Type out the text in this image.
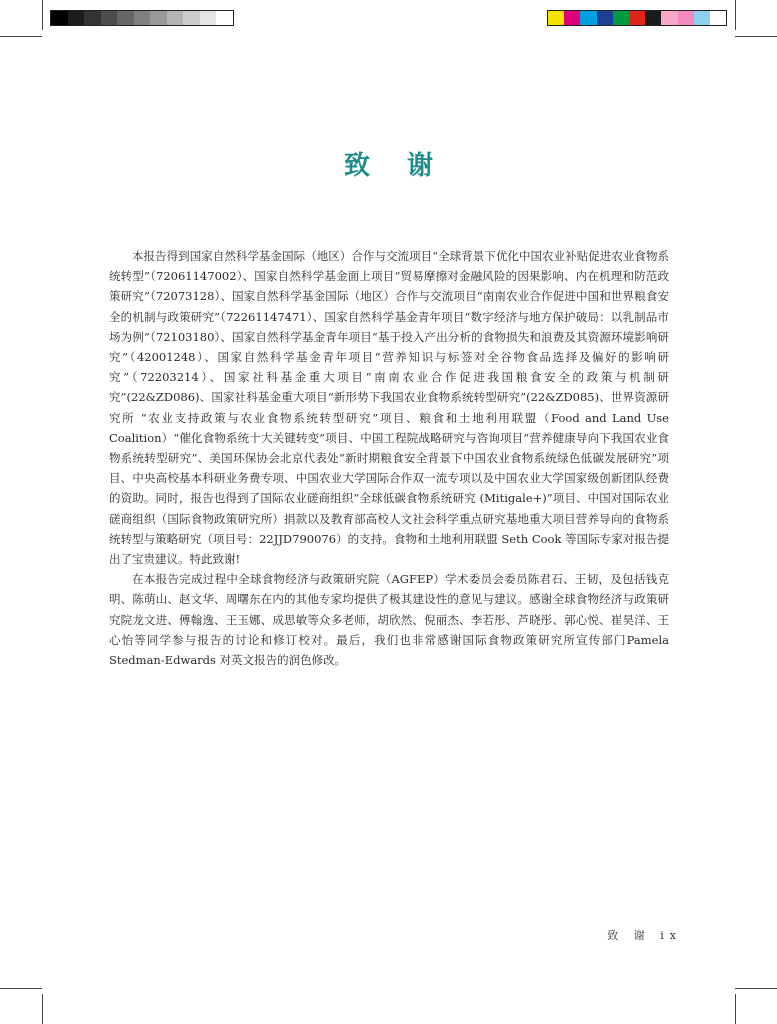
致 谢

本报告得到国家自然科学基金国际（地区）合作与交流项目“全球背景下优化中国农业补贴促进农业食物系统转型”（72061147002）、国家自然科学基金面上项目“贸易摩擦对金融风险的因果影响、内在机理和防范政策研究”（72073128）、国家自然科学基金国际（地区）合作与交流项目“南南农业合作促进中国和世界粮食安全的机制与政策研究”（72261147471）、国家自然科学基金青年项目“数字经济与地方保护破局：以乳制品市场为例”（72103180）、国家自然科学基金青年项目“基于投入产出分析的食物损失和浪费及其资源环境影响研究”（42001248）、国家自然科学基金青年项目“营养知识与标签对全谷物食品选择及偏好的影响研究”（72203214）、国家社科基金重大项目“南南农业合作促进我国粮食安全的政策与机制研究”(22&ZD086)、国家社科基金重大项目“新形势下我国农业食物系统转型研究”(22&ZD085)、世界资源研究所 “农业支持政策与农业食物系统转型研究”项目、粮食和土地利用联盟（Food and Land Use Coalition）“催化食物系统十大关键转变”项目、中国工程院战略研究与咨询项目“营养健康导向下我国农业食物系统转型研究”、美国环保协会北京代表处“新时期粮食安全背景下中国农业食物系统绿色低碳发展研究”项目、中央高校基本科研业务费专项、中国农业大学国际合作双一流专项以及中国农业大学国家级创新团队经费的资助。同时，报告也得到了国际农业磋商组织“全球低碳食物系统研究 (Mitigale+)”项目、中国对国际农业磋商组织（国际食物政策研究所）捐款以及教育部高校人文社会科学重点研究基地重大项目营养导向的食物系统转型与策略研究（项目号：22JJD790076）的支持。食物和土地利用联盟 Seth Cook 等国际专家对报告提出了宝贵建议。特此致谢!

在本报告完成过程中全球食物经济与政策研究院（AGFEP）学术委员会委员陈君石、王韧，及包括钱克明、陈萌山、赵文华、周曙东在内的其他专家均提供了极其建设性的意见与建议。感谢全球食物经济与政策研究院龙文进、傅翰逸、王玉娜、成思敏等众多老师，胡欣然、倪丽杰、李若彤、芦晓彤、郭心悦、崔昊洋、王心怡等同学参与报告的讨论和修订校对。最后，我们也非常感谢国际食物政策研究所宣传部门Pamela Stedman-Edwards 对英文报告的润色修改。

致 谢 ix
